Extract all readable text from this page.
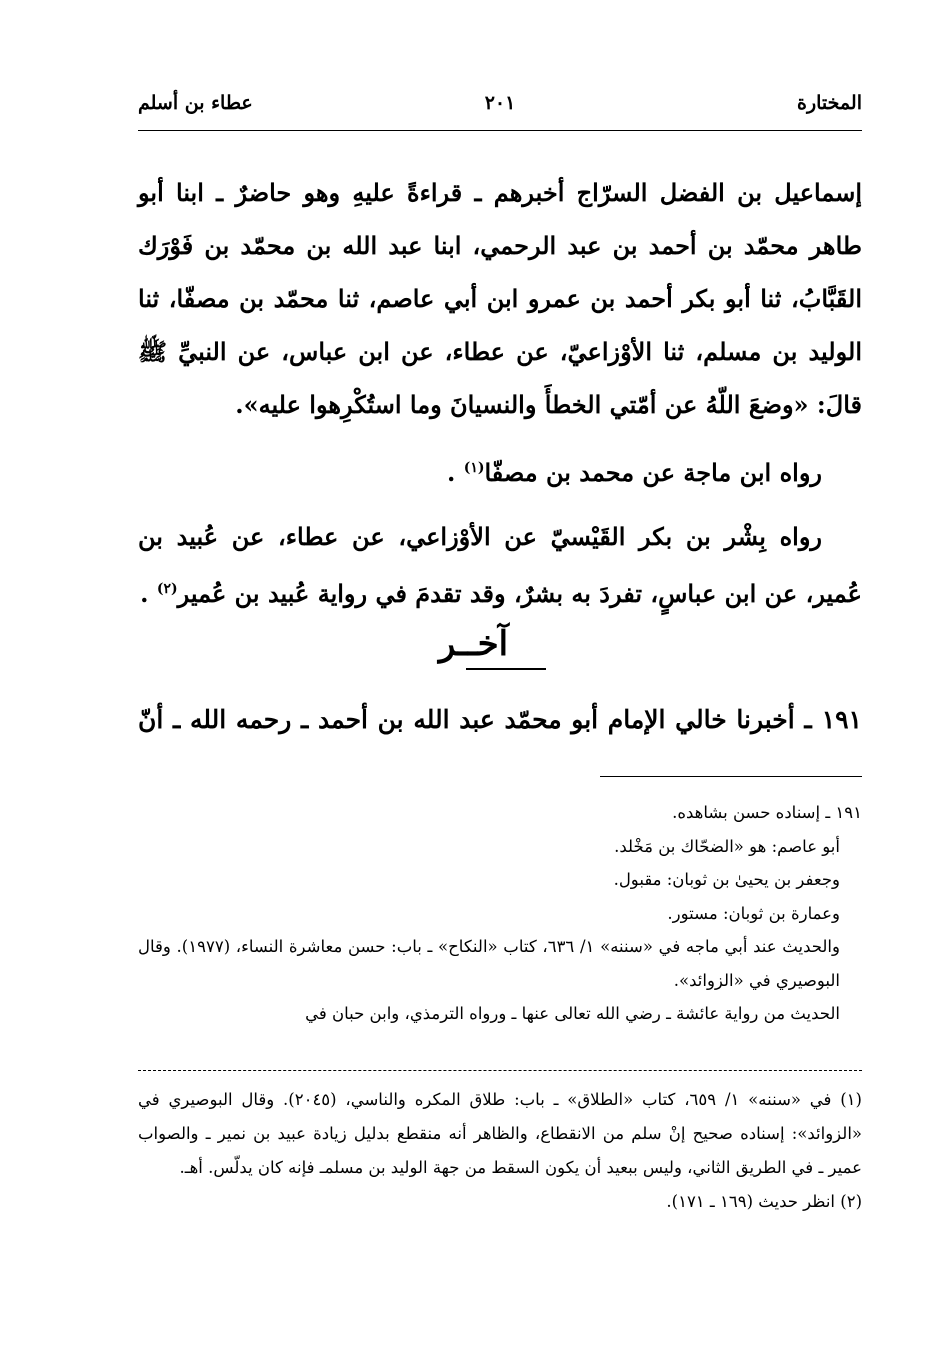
المختارة
٢٠١
عطاء بن أسلم

إسماعيل بن الفضل السرّاج أخبرهم ـ قراءةً عليهِ وهو حاضرٌ ـ ابنا أبو طاهر محمّد بن أحمد بن عبد الرحمي، ابنا عبد الله بن محمّد بن فَوْرَك القَبَّابُ، ثنا أبو بكر أحمد بن عمرو ابن أبي عاصم، ثنا محمّد بن مصفّا، ثنا الوليد بن مسلم، ثنا الأوْزاعيّ، عن عطاء، عن ابن عباس، عن النبيِّ ﷺ قالَ: «وضعَ اللّهُ عن أمّتي الخطأَ والنسيانَ وما استُكْرِهوا عليه».

رواه ابن ماجة عن محمد بن مصفّا$^{(١)}$ .

رواه بِشْر بن بكر القَيْسيّ عن الأوْزاعي، عن عطاء، عن عُبيد بن عُمير، عن ابن عباسٍ، تفردَ به بشرٌ، وقد تقدمَ في رواية عُبيد بن عُمير$^{(٢)}$ .

آخــر
١٩١ـ أخبرنا خالي الإمام أبو محمّد عبد الله بن أحمد ـ رحمه الله ـ أنّ

١٩١ ـ إسناده حسن بشاهده.

أبو عاصم: هو «الضحّاك بن مَخْلد.

وجعفر بن يحيىٰ بن ثوبان: مقبول.

وعمارة بن ثوبان: مستور.

والحديث عند أبي ماجه في «سننه» ١/ ٦٣٦، كتاب «النكاح» ـ باب: حسن معاشرة النساء، (١٩٧٧). وقال البوصيري في «الزوائد».

الحديث من رواية عائشة ـ رضي الله تعالى عنها ـ ورواه الترمذي، وابن حبان في

(١) في «سننه» ١/ ٦٥٩، كتاب «الطلاق» ـ باب: طلاق المكره والناسي، (٢٠٤٥). وقال البوصيري في «الزوائد»: إسناده صحيح إنْ سلم من الانقطاع، والظاهر أنه منقطع بدليل زيادة عبيد بن نمير ـ والصواب عمير ـ في الطريق الثاني، وليس ببعيد أن يكون السقط من جهة الوليد بن مسلمـ فإنه كان يدلّس. أهـ.

(٢) انظر حديث (١٦٩ ـ ١٧١).
